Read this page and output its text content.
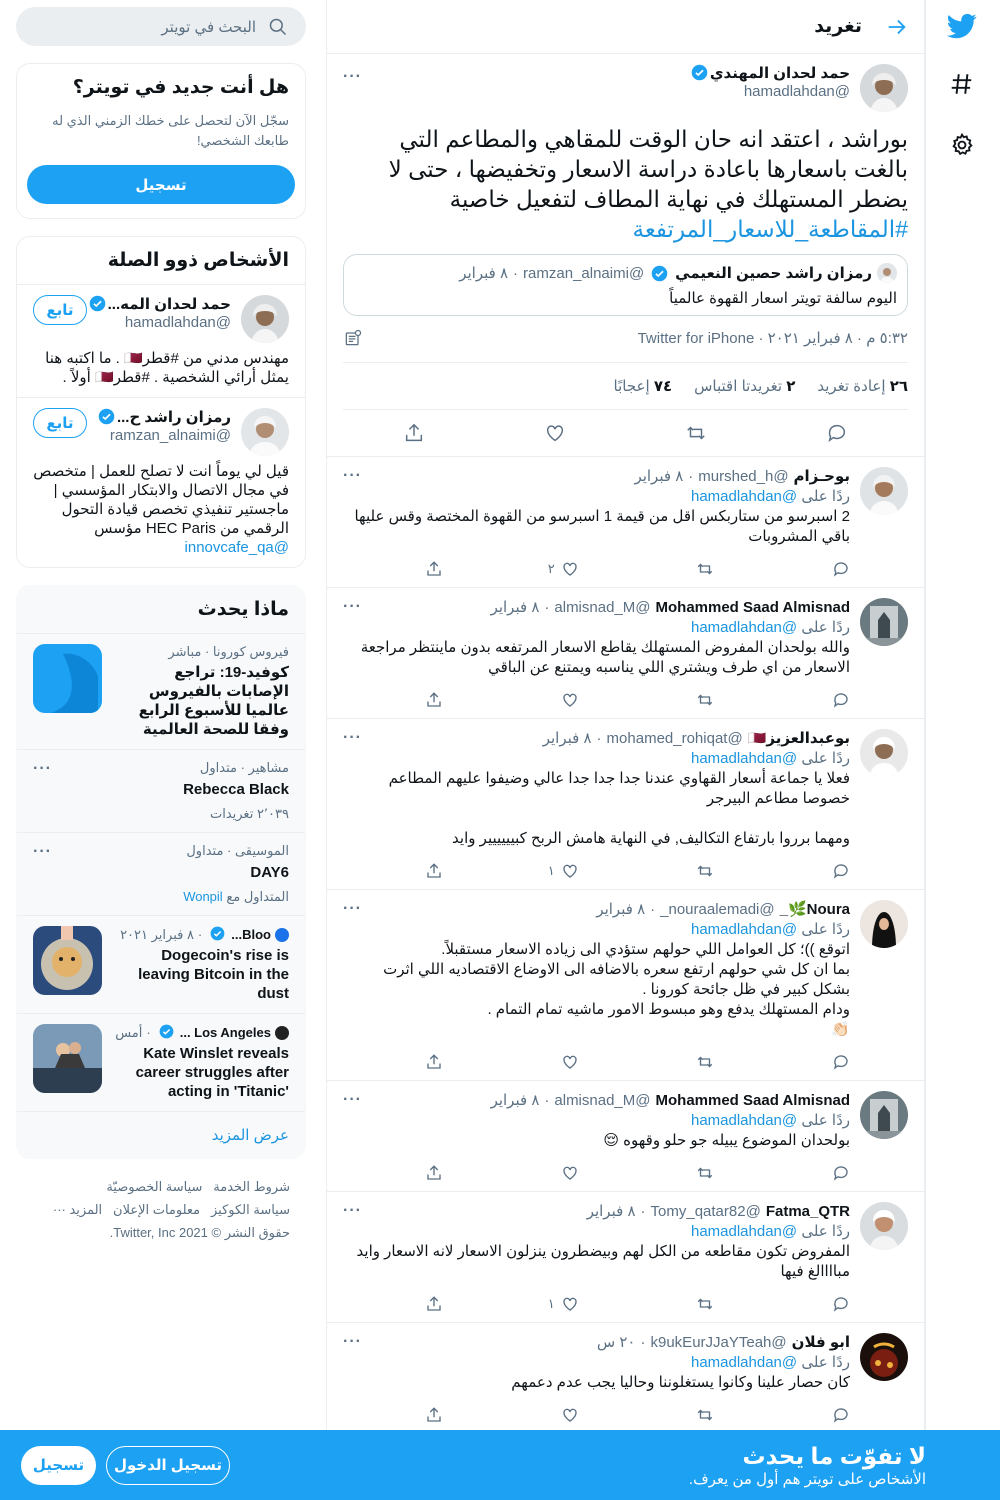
تغريد
حمد لحدان المهندي
@hamadlahdan
···
بوراشد ، اعتقد انه حان الوقت للمقاهي والمطاعم التي بالغت باسعارها باعادة دراسة الاسعار وتخفيضها ، حتى لا يضطر المستهلك في نهاية المطاف لتفعيل خاصية #المقاطعة_للاسعار_المرتفعة
رمزان راشد حصين النعيمي
@ramzan_alnaimi
·
٨ فبراير
اليوم سالفة تويتر اسعار القهوة عالمياً
٥:٣٢ م · ٨ فبراير ٢٠٢١ · Twitter for iPhone
٢٦ إعادة تغريد
٢ تغريدتا اقتباس
٧٤ إعجابًا
بوحـزام
@murshed_h
·
٨ فبراير
···
ردًا على @hamadlahdan
2 اسبرسو من ستاربكس اقل من قيمة 1 اسبرسو من القهوة المختصة وقس عليها باقي المشروبات
٢
Mohammed Saad Almisnad
@almisnad_M
·
٨ فبراير
···
ردًا على @hamadlahdan
والله بولحدان المفروض المستهلك يقاطع الاسعار المرتفعه بدون ماينتظر مراجعة الاسعار من اي طرف ويشتري اللي يناسبه ويمتنع عن الباقي
بوعبدالعزيز🇶🇦
@mohamed_rohiqat
·
٨ فبراير
···
ردًا على @hamadlahdan
فعلا يا جماعة أسعار القهاوي عندنا جدا جدا جدا عالي وضيفوا عليهم المطاعم خصوصا مطاعم البيرجر

ومهما برروا بارتفاع التكاليف, في النهاية هامش الربح كبيييييير وايد
١
Noura🌿_
@nouraalemadi_
·
٨ فبراير
···
ردًا على @hamadlahdan
اتوقع ))؛ كل العوامل اللي حولهم ستؤدي الى زياده الاسعار مستقبلاً.
بما ان كل شي حولهم ارتفع سعره بالاضافه الى الاوضاع الاقتصاديه اللي اثرت بشكل كبير في ظل جائحة كورونا .
ودام المستهلك يدفع وهو مبسوط الامور ماشيه تمام التمام .
👏🏻
Mohammed Saad Almisnad
@almisnad_M
·
٨ فبراير
···
ردًا على @hamadlahdan
بولحدان الموضوع يبيله جو حلو وقهوه 😌
Fatma_QTR
@Tomy_qatar82
·
٨ فبراير
···
ردًا على @hamadlahdan
المفروض تكون مقاطعه من الكل لهم وبيضطرون ينزلون الاسعار لانه الاسعار وايد مباااالغ فيها
١
ابو فلان
@k9ukEurJJaYTeah
·
٢٠ س
···
ردًا على @hamadlahdan
كان حصار علينا وكانوا يستغلوننا وحاليا يجب عدم دعمهم
البحث في تويتر
هل أنت جديد في تويتر؟
سجّل الآن لتحصل على خطك الزمني الذي له طابعك الشخصي!
تسجيل
الأشخاص ذوو الصلة
حمد لحدان المه...
@hamadlahdan
تابع
مهندس مدني من #قطر🇶🇦 . ما اكتبه هنا يمثل أرائي الشخصية . #قطر🇶🇦 أولاً .
رمزان راشد ح...
@ramzan_alnaimi
تابع
قيل لي يوماً انت لا تصلح للعمل | متخصص في مجال الاتصال والابتكار المؤسسي | ماجستير تنفيذي تخصص قيادة التحول الرقمي من HEC Paris مؤسس @innovcafe_qa
ماذا يحدث
فيروس كورونا · مباشر
كوفيد-19: تراجع الإصابات بالفيروس عالميا للأسبوع الرابع وفقا للصحة العالمية
مشاهير · متداول
···
Rebecca Black
٢٬٠٣٩ تغريدات
الموسيقى · متداول
···
DAY6
المتداول مع Wonpil
Bloo...
·
٨ فبراير ٢٠٢١
Dogecoin's rise is leaving Bitcoin in the dust
Los Angeles ...
·
أمس
Kate Winslet reveals career struggles after acting in 'Titanic'
عرض المزيد
شروط الخدمة   سياسة الخصوصيّة
سياسة الكوكيز   معلومات الإعلان   المزيد ···
حقوق النشر © Twitter, Inc 2021.
لا تفوّت ما يحدث
الأشخاص على تويتر هم أول من يعرف.
تسجيل الدخول
تسجيل
